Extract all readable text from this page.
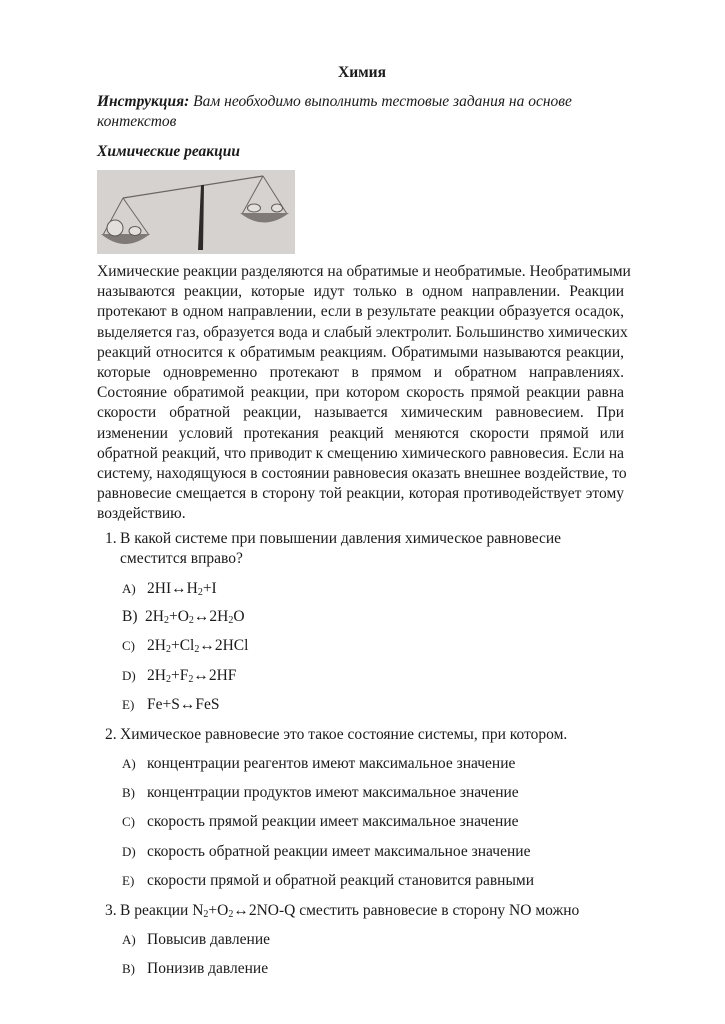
Химия
Инструкция: Вам необходимо выполнить тестовые задания на основе
контекстов
Химические реакции
Химические реакции разделяются на обратимые и необратимые. Необратимыми
называются реакции, которые идут только в одном направлении. Реакции
протекают в одном направлении, если в результате реакции образуется осадок,
выделяется газ, образуется вода и слабый электролит. Большинство химических
реакций относится к обратимым реакциям. Обратимыми называются реакции,
которые одновременно протекают в прямом и обратном направлениях.
Состояние обратимой реакции, при котором скорость прямой реакции равна
скорости обратной реакции, называется химическим равновесием. При
изменении условий протекания реакций меняются скорости прямой или
обратной реакций, что приводит к смещению химического равновесия. Если на
систему, находящуюся в состоянии равновесия оказать внешнее воздействие, то
равновесие смещается в сторону той реакции, которая противодействует этому
воздействию.
1. В какой системе при повышении давления химическое равновесие
сместится вправо?
A) $2HI\leftrightarrow H_2+I$
B) $2H_2+O_2\leftrightarrow 2H_2O$
C) $2H_2+Cl_2\leftrightarrow 2HCl$
D) $2H_2+F_2\leftrightarrow 2HF$
E) Fe+S↔FeS
2. Химическое равновесие это такое состояние системы, при котором.
A) концентрации реагентов имеют максимальное значение
B) концентрации продуктов имеют максимальное значение
C) скорость прямой реакции имеет максимальное значение
D) скорость обратной реакции имеет максимальное значение
E) скорости прямой и обратной реакций становится равными
3. В реакции $N_2+O_2\leftrightarrow 2NO-Q$ сместить равновесие в сторону NO можно
A) Повысив давление
B) Понизив давление
